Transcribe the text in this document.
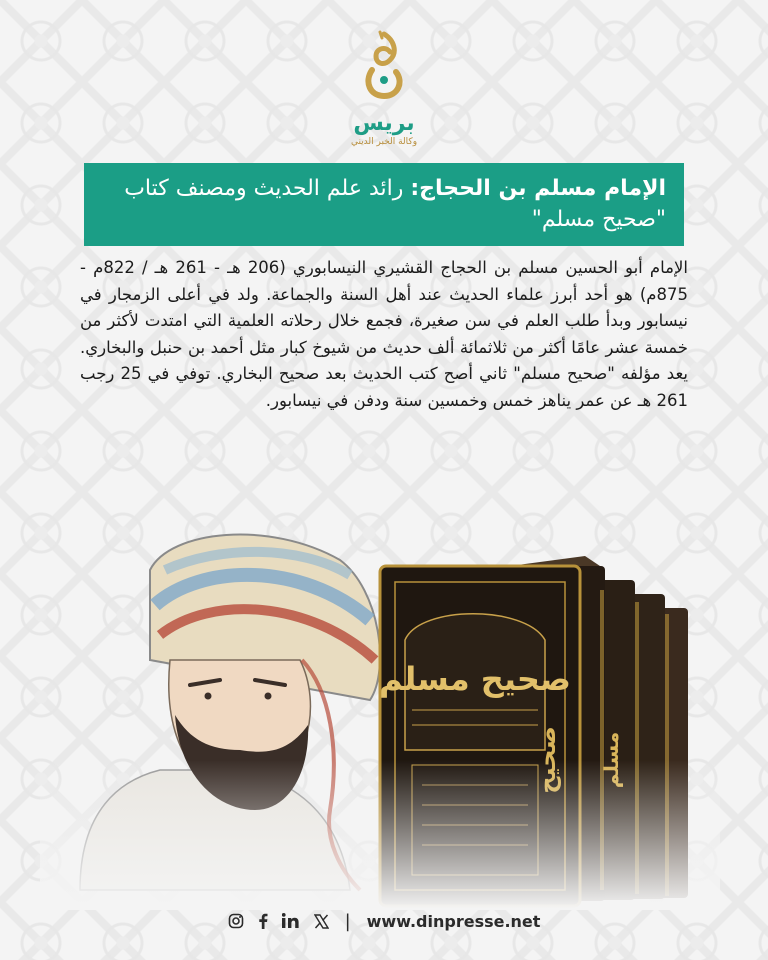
بريس
وكالة الخبر الديني
الإمام مسلم بن الحجاج: رائد علم الحديث ومصنف كتاب "صحيح مسلم"

الإمام أبو الحسين مسلم بن الحجاج القشيري النيسابوري (206 هـ - 261 هـ / 822م - 875م) هو أحد أبرز علماء الحديث عند أهل السنة والجماعة. ولد في أعلى الزمجار في نيسابور وبدأ طلب العلم في سن صغيرة، فجمع خلال رحلاته العلمية التي امتدت لأكثر من خمسة عشر عامًا أكثر من ثلاثمائة ألف حديث من شيوخ كبار مثل أحمد بن حنبل والبخاري. يعد مؤلفه "صحيح مسلم" ثاني أصح كتب الحديث بعد صحيح البخاري. توفي في 25 رجب 261 هـ عن عمر يناهز خمس وخمسين سنة ودفن في نيسابور.

صحيح مسلم
| www.dinpresse.net
